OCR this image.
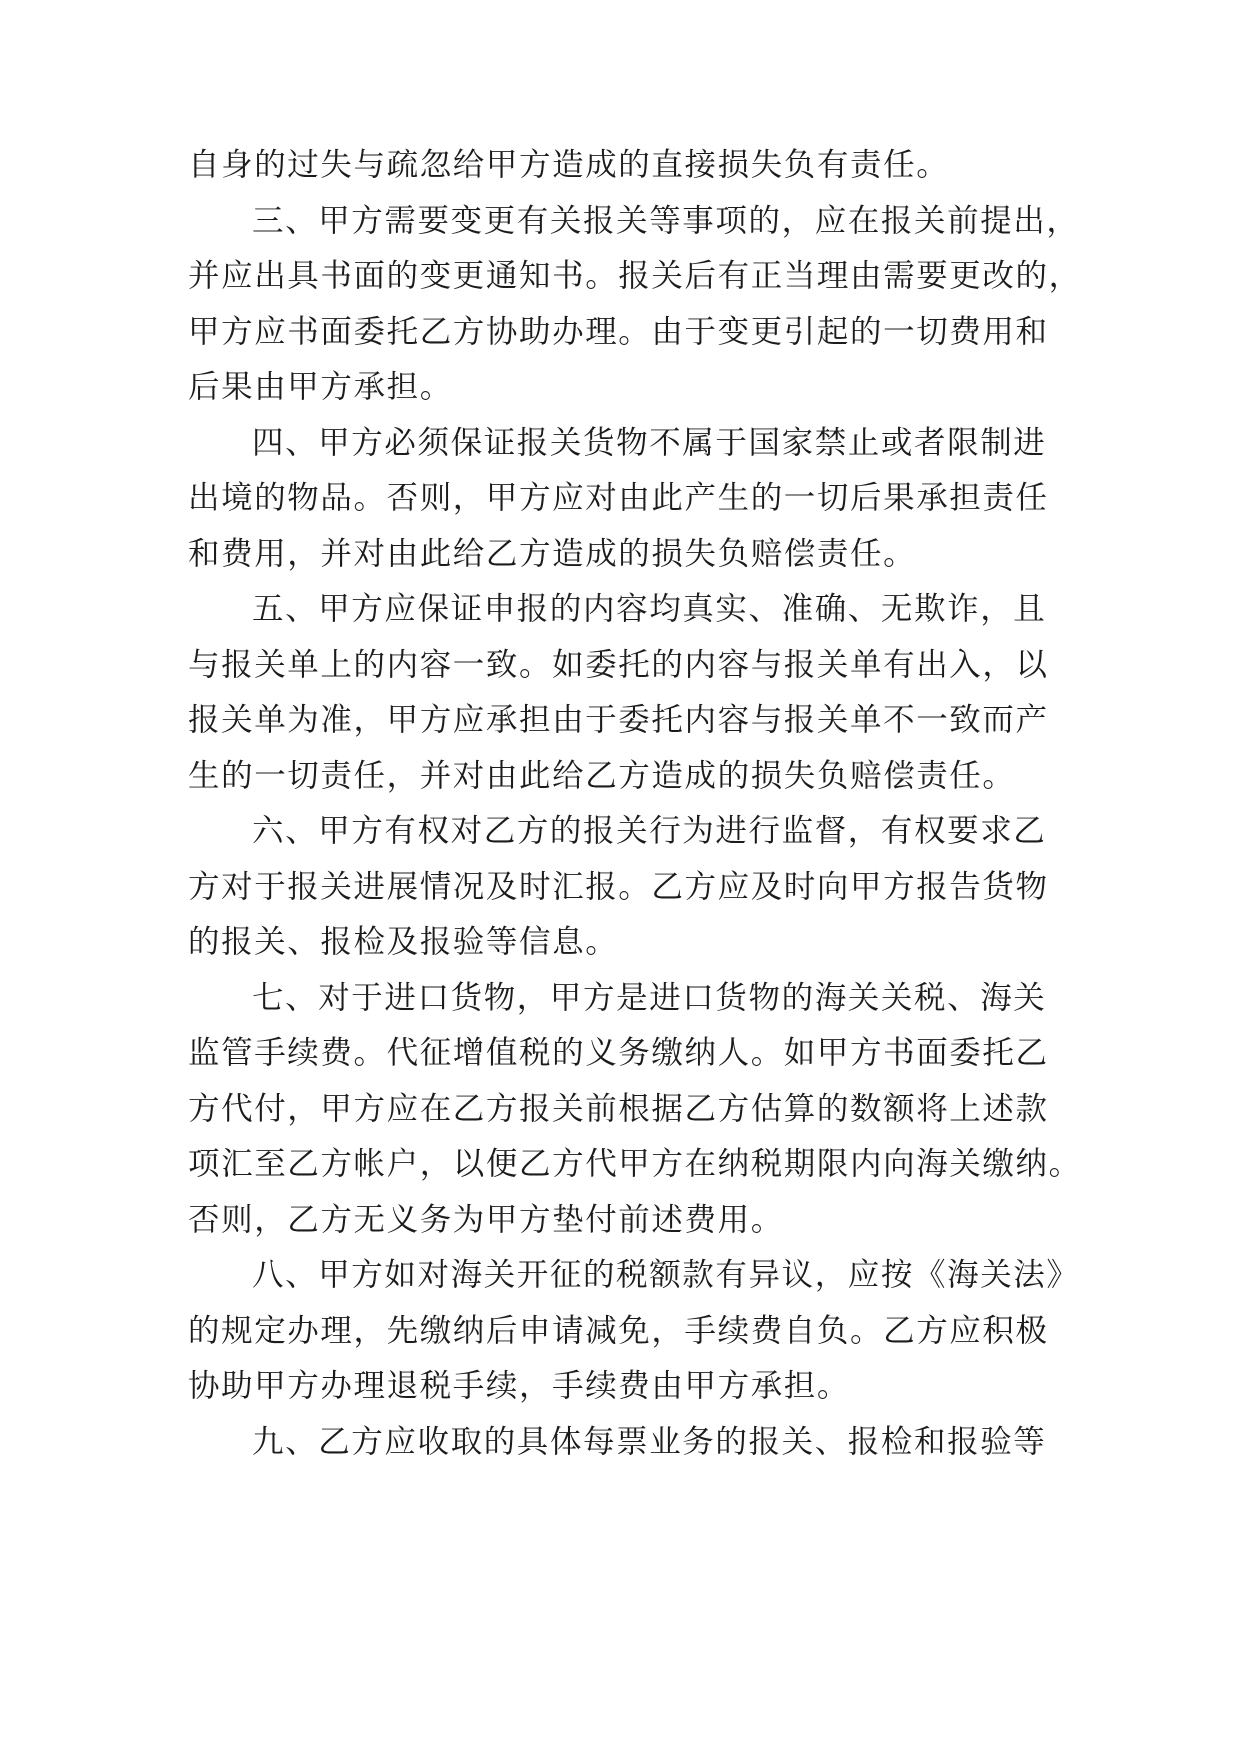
自身的过失与疏忽给甲方造成的直接损失负有责任。

三、甲方需要变更有关报关等事项的，应在报关前提出，

并应出具书面的变更通知书。报关后有正当理由需要更改的，

甲方应书面委托乙方协助办理。由于变更引起的一切费用和

后果由甲方承担。

四、甲方必须保证报关货物不属于国家禁止或者限制进

出境的物品。否则，甲方应对由此产生的一切后果承担责任

和费用，并对由此给乙方造成的损失负赔偿责任。

五、甲方应保证申报的内容均真实、准确、无欺诈，且

与报关单上的内容一致。如委托的内容与报关单有出入，以

报关单为准，甲方应承担由于委托内容与报关单不一致而产

生的一切责任，并对由此给乙方造成的损失负赔偿责任。

六、甲方有权对乙方的报关行为进行监督，有权要求乙

方对于报关进展情况及时汇报。乙方应及时向甲方报告货物

的报关、报检及报验等信息。

七、对于进口货物，甲方是进口货物的海关关税、海关

监管手续费。代征增值税的义务缴纳人。如甲方书面委托乙

方代付，甲方应在乙方报关前根据乙方估算的数额将上述款

项汇至乙方帐户，以便乙方代甲方在纳税期限内向海关缴纳。

否则，乙方无义务为甲方垫付前述费用。

八、甲方如对海关开征的税额款有异议，应按《海关法》

的规定办理，先缴纳后申请减免，手续费自负。乙方应积极

协助甲方办理退税手续，手续费由甲方承担。

九、乙方应收取的具体每票业务的报关、报检和报验等
